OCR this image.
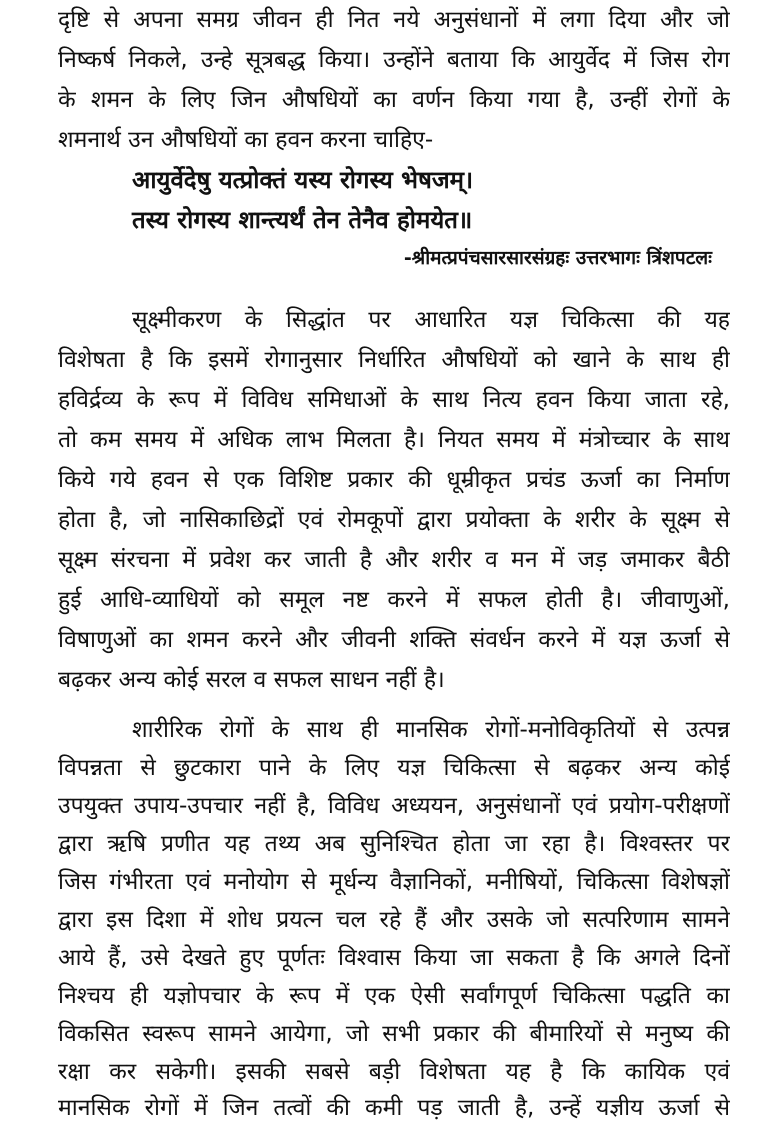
दृष्टि से अपना समग्र जीवन ही नित नये अनुसंधानों में लगा दिया और जो
निष्कर्ष निकले, उन्हे सूत्रबद्ध किया। उन्होंने बताया कि आयुर्वेद में जिस रोग
के शमन के लिए जिन औषधियों का वर्णन किया गया है, उन्हीं रोगों के
शमनार्थ उन औषधियों का हवन करना चाहिए-
आयुर्वेदेषु यत्प्रोक्तं यस्य रोगस्य भेषजम्।
तस्य रोगस्य शान्त्यर्थं तेन तेनैव होमयेत॥
-श्रीमत्प्रपंचसारसारसंग्रहः उत्तरभागः त्रिंशपटलः
सूक्ष्मीकरण के सिद्धांत पर आधारित यज्ञ चिकित्सा की यह
विशेषता है कि इसमें रोगानुसार निर्धारित औषधियों को खाने के साथ ही
हविर्द्रव्य के रूप में विविध समिधाओं के साथ नित्य हवन किया जाता रहे,
तो कम समय में अधिक लाभ मिलता है। नियत समय में मंत्रोच्चार के साथ
किये गये हवन से एक विशिष्ट प्रकार की धूम्रीकृत प्रचंड ऊर्जा का निर्माण
होता है, जो नासिकाछिद्रों एवं रोमकूपों द्वारा प्रयोक्ता के शरीर के सूक्ष्म से
सूक्ष्म संरचना में प्रवेश कर जाती है और शरीर व मन में जड़ जमाकर बैठी
हुई आधि-व्याधियों को समूल नष्ट करने में सफल होती है। जीवाणुओं,
विषाणुओं का शमन करने और जीवनी शक्ति संवर्धन करने में यज्ञ ऊर्जा से
बढ़कर अन्य कोई सरल व सफल साधन नहीं है।
शारीरिक रोगों के साथ ही मानसिक रोगों-मनोविकृतियों से उत्पन्न
विपन्नता से छुटकारा पाने के लिए यज्ञ चिकित्सा से बढ़कर अन्य कोई
उपयुक्त उपाय-उपचार नहीं है, विविध अध्ययन, अनुसंधानों एवं प्रयोग-परीक्षणों
द्वारा ऋषि प्रणीत यह तथ्य अब सुनिश्चित होता जा रहा है। विश्वस्तर पर
जिस गंभीरता एवं मनोयोग से मूर्धन्य वैज्ञानिकों, मनीषियों, चिकित्सा विशेषज्ञों
द्वारा इस दिशा में शोध प्रयत्न चल रहे हैं और उसके जो सत्परिणाम सामने
आये हैं, उसे देखते हुए पूर्णतः विश्वास किया जा सकता है कि अगले दिनों
निश्चय ही यज्ञोपचार के रूप में एक ऐसी सर्वांगपूर्ण चिकित्सा पद्धति का
विकसित स्वरूप सामने आयेगा, जो सभी प्रकार की बीमारियों से मनुष्य की
रक्षा कर सकेगी। इसकी सबसे बड़ी विशेषता यह है कि कायिक एवं
मानसिक रोगों में जिन तत्वों की कमी पड़ जाती है, उन्हें यज्ञीय ऊर्जा से
